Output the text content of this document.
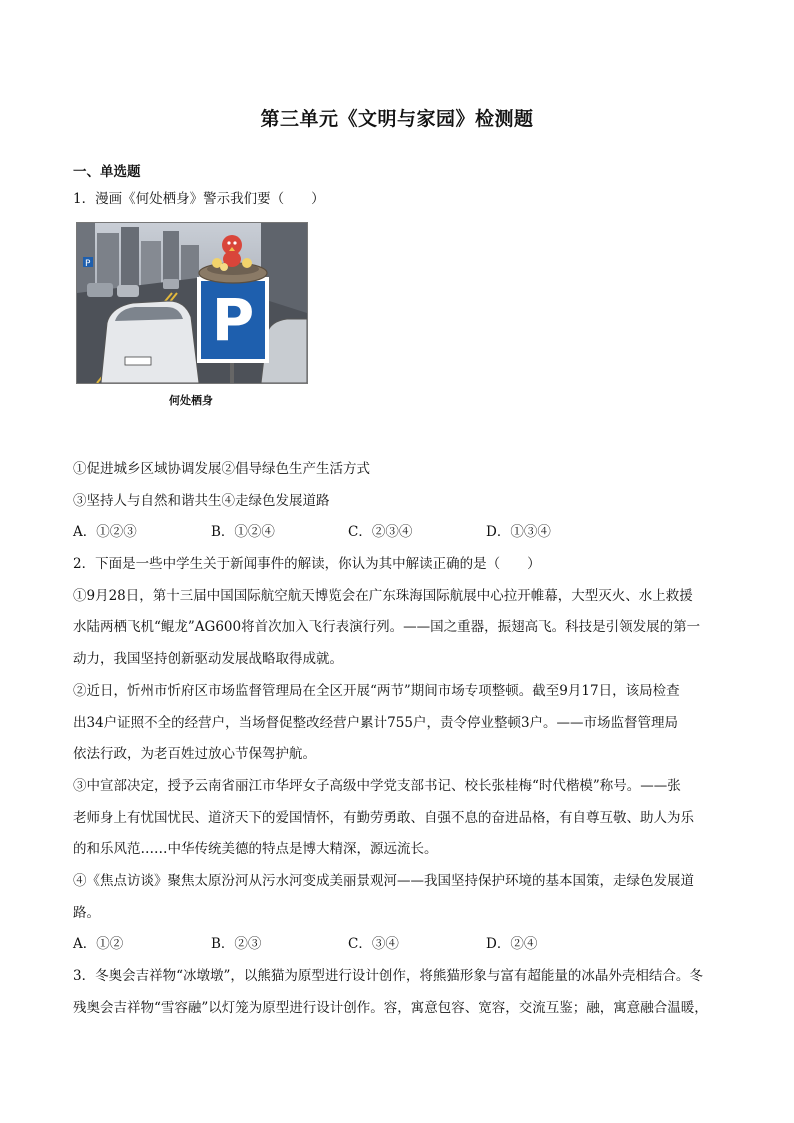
第三单元《文明与家园》检测题
一、单选题
1．漫画《何处栖身》警示我们要（　　）
P
P
何处栖身
①促进城乡区域协调发展②倡导绿色生产生活方式
③坚持人与自然和谐共生④走绿色发展道路
A．①②③	B．①②④	C．②③④	D．①③④
2．下面是一些中学生关于新闻事件的解读，你认为其中解读正确的是（　　）
①9月28日，第十三届中国国际航空航天博览会在广东珠海国际航展中心拉开帷幕，大型灭火、水上救援
水陆两栖飞机“鲲龙”AG600将首次加入飞行表演行列。——国之重器，振翅高飞。科技是引领发展的第一
动力，我国坚持创新驱动发展战略取得成就。
②近日，忻州市忻府区市场监督管理局在全区开展“两节”期间市场专项整顿。截至9月17日，该局检查
出34户证照不全的经营户，当场督促整改经营户累计755户，责令停业整顿3户。——市场监督管理局
依法行政，为老百姓过放心节保驾护航。
③中宣部决定，授予云南省丽江市华坪女子高级中学党支部书记、校长张桂梅“时代楷模”称号。——张
老师身上有忧国忧民、道济天下的爱国情怀，有勤劳勇敢、自强不息的奋进品格，有自尊互敬、助人为乐
的和乐风范……中华传统美德的特点是博大精深，源远流长。
④《焦点访谈》聚焦太原汾河从污水河变成美丽景观河——我国坚持保护环境的基本国策，走绿色发展道
路。
A．①②	B．②③	C．③④	D．②④
3．冬奥会吉祥物“冰墩墩”，以熊猫为原型进行设计创作，将熊猫形象与富有超能量的冰晶外壳相结合。冬
残奥会吉祥物“雪容融”以灯笼为原型进行设计创作。容，寓意包容、宽容，交流互鉴；融，寓意融合温暖，
